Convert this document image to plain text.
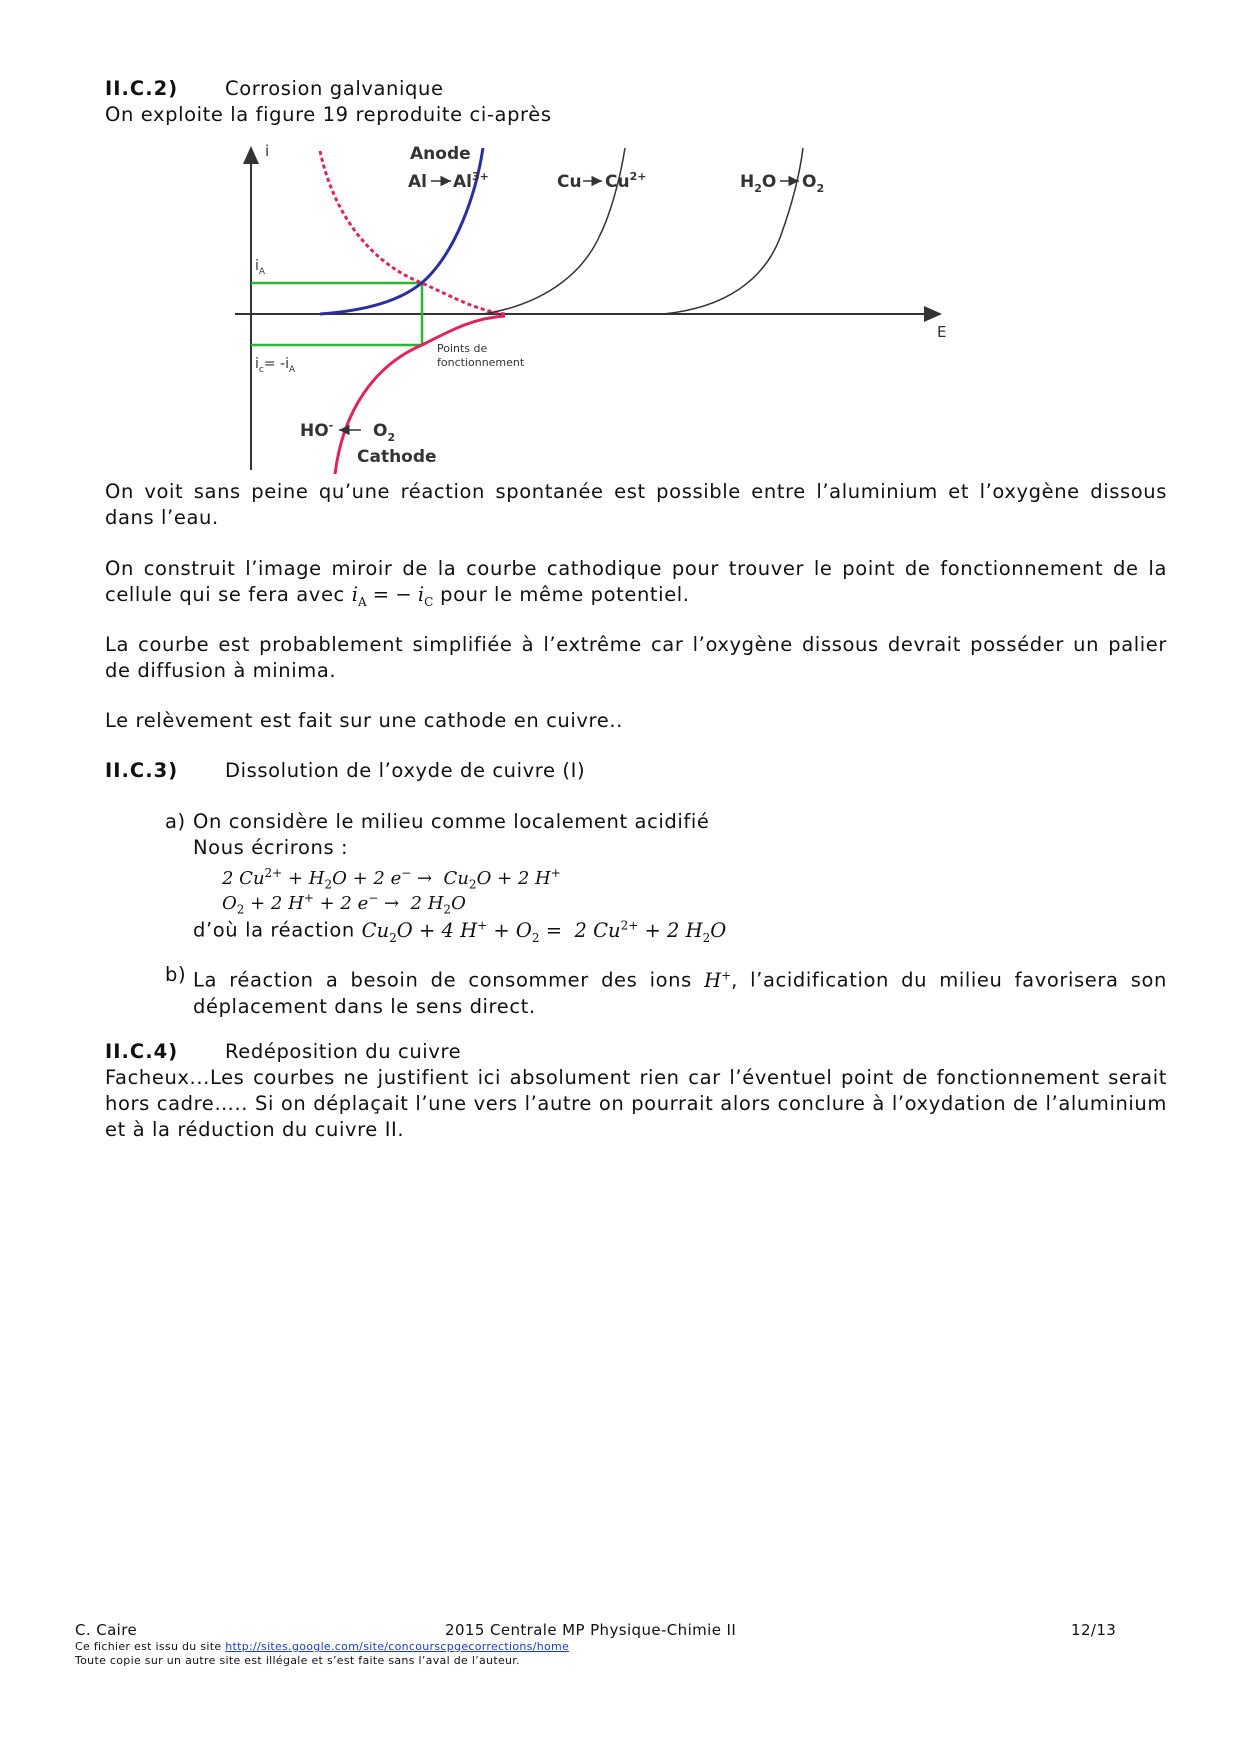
II.C.2) Corrosion galvanique

On exploite la figure 19 reproduite ci-après

i
E
Anode
Al $Al^{3+}$	Cu $Cu^{2+}$	$H_2O$ $O_2$
$i_A$
$i_c= -i_A$
Points de
fonctionnement
HO- $O_2$
Cathode

On voit sans peine qu’une réaction spontanée est possible entre l’aluminium et l’oxygène dissous dans l’eau.

On construit l’image miroir de la courbe cathodique pour trouver le point de fonctionnement de la cellule qui se fera avec $i_A$ = − $i_C$ pour le même potentiel.

La courbe est probablement simplifiée à l’extrême car l’oxygène dissous devrait posséder un palier de diffusion à minima.

Le relèvement est fait sur une cathode en cuivre..

II.C.3) Dissolution de l’oxyde de cuivre (I)
a) On considère le milieu comme localement acidifié
Nous écrirons :
2 $Cu^{2+} + H_2O + 2$ $e^- \to Cu_2O + 2$ H+
$O_2 + 2$ H+ + 2 e− →  2 $H_2O$
d’où la réaction $Cu_2O + 4$ $H^+ + O_2 = 2$ $Cu^{2+} + 2$ $H_2O$
b) La réaction a besoin de consommer des ions H+, l’acidification du milieu favorisera son déplacement dans le sens direct.

II.C.4) Redéposition du cuivre

Facheux...Les courbes ne justifient ici absolument rien car l’éventuel point de fonctionnement serait hors cadre….. Si on déplaçait l’une vers l’autre on pourrait alors conclure à l’oxydation de l’aluminium et à la réduction du cuivre II.

C. Caire	2015 Centrale MP Physique-Chimie II	12/13
Ce fichier est issu du site http://sites.google.com/site/concourscpgecorrections/home
Toute copie sur un autre site est illégale et s’est faite sans l’aval de l’auteur.
